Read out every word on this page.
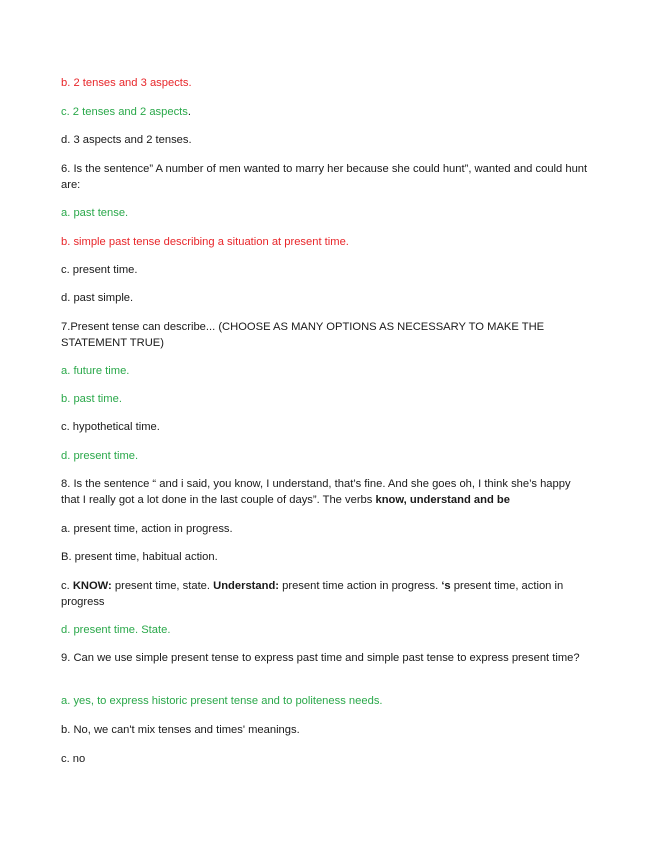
b. 2 tenses and 3 aspects.
c. 2 tenses and 2 aspects.
d. 3 aspects and 2 tenses.
6. Is the sentence” A number of men wanted to marry her because she could hunt”, wanted and could hunt are:
a. past tense.
b. simple past tense describing a situation at present time.
c. present time.
d. past simple.
7.Present tense can describe... (CHOOSE AS MANY OPTIONS AS NECESSARY TO MAKE THE STATEMENT TRUE)
a. future time.
b. past time.
c. hypothetical time.
d. present time.
8. Is the sentence “ and i said, you know, I understand, that’s fine. And she goes oh, I think she’s happy that I really got a lot done in the last couple of days”. The verbs know, understand and be
a. present time, action in progress.
B. present time, habitual action.
c. KNOW: present time, state. Understand: present time action in progress. ‘s present time, action in progress
d. present time. State.
9. Can we use simple present tense to express past time and simple past tense to express present time?
a. yes, to express historic present tense and to politeness needs.
b. No, we can't mix tenses and times' meanings.
c. no
